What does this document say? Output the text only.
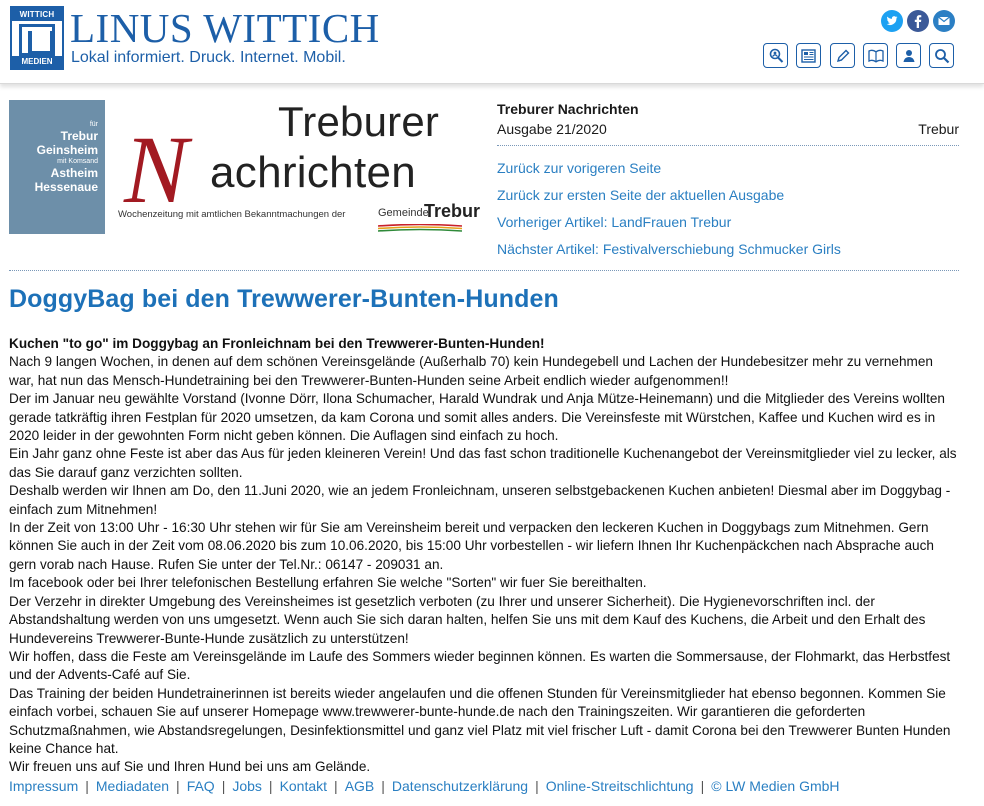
WITTICH
MEDIEN
LINUS WITTICH
Lokal informiert. Druck. Internet. Mobil.
für
Trebur
Geinsheim
mit Komsand
Astheim
Hessenaue
Treburer
N achrichten
Wochenzeitung mit amtlichen Bekanntmachungen der	Gemeinde
Trebur
Treburer Nachrichten
Ausgabe 21/2020	Trebur
Zurück zur vorigeren Seite
Zurück zur ersten Seite der aktuellen Ausgabe
Vorheriger Artikel: LandFrauen Trebur
Nächster Artikel: Festivalverschiebung Schmucker Girls
DoggyBag bei den Trewwerer-Bunten-Hunden

Kuchen "to go" im Doggybag an Fronleichnam bei den Trewwerer-Bunten-Hunden!

Nach 9 langen Wochen, in denen auf dem schönen Vereinsgelände (Außerhalb 70) kein Hundegebell und Lachen der Hundebesitzer mehr zu vernehmen war, hat nun das Mensch-Hundetraining bei den Trewwerer-Bunten-Hunden seine Arbeit endlich wieder aufgenommen!!

Der im Januar neu gewählte Vorstand (Ivonne Dörr, Ilona Schumacher, Harald Wundrak und Anja Mütze-Heinemann) und die Mitglieder des Vereins wollten gerade tatkräftig ihren Festplan für 2020 umsetzen, da kam Corona und somit alles anders. Die Vereinsfeste mit Würstchen, Kaffee und Kuchen wird es in 2020 leider in der gewohnten Form nicht geben können. Die Auflagen sind einfach zu hoch.

Ein Jahr ganz ohne Feste ist aber das Aus für jeden kleineren Verein! Und das fast schon traditionelle Kuchenangebot der Vereinsmitglieder viel zu lecker, als das Sie darauf ganz verzichten sollten.

Deshalb werden wir Ihnen am Do, den 11.Juni 2020, wie an jedem Fronleichnam, unseren selbstgebackenen Kuchen anbieten! Diesmal aber im Doggybag - einfach zum Mitnehmen!

In der Zeit von 13:00 Uhr - 16:30 Uhr stehen wir für Sie am Vereinsheim bereit und verpacken den leckeren Kuchen in Doggybags zum Mitnehmen. Gern können Sie auch in der Zeit vom 08.06.2020 bis zum 10.06.2020, bis 15:00 Uhr vorbestellen - wir liefern Ihnen Ihr Kuchenpäckchen nach Absprache auch gern vorab nach Hause. Rufen Sie unter der Tel.Nr.: 06147 - 209031 an.

Im facebook oder bei Ihrer telefonischen Bestellung erfahren Sie welche "Sorten" wir fuer Sie bereithalten.

Der Verzehr in direkter Umgebung des Vereinsheimes ist gesetzlich verboten (zu Ihrer und unserer Sicherheit). Die Hygienevorschriften incl. der Abstandshaltung werden von uns umgesetzt. Wenn auch Sie sich daran halten, helfen Sie uns mit dem Kauf des Kuchens, die Arbeit und den Erhalt des Hundevereins Trewwerer-Bunte-Hunde zusätzlich zu unterstützen!

Wir hoffen, dass die Feste am Vereinsgelände im Laufe des Sommers wieder beginnen können. Es warten die Sommersause, der Flohmarkt, das Herbstfest und der Advents-Café auf Sie.

Das Training der beiden Hundetrainerinnen ist bereits wieder angelaufen und die offenen Stunden für Vereinsmitglieder hat ebenso begonnen. Kommen Sie einfach vorbei, schauen Sie auf unserer Homepage www.trewwerer-bunte-hunde.de nach den Trainingszeiten. Wir garantieren die geforderten Schutzmaßnahmen, wie Abstandsregelungen, Desinfektionsmittel und ganz viel Platz mit viel frischer Luft - damit Corona bei den Trewwerer Bunten Hunden keine Chance hat.

Wir freuen uns auf Sie und Ihren Hund bei uns am Gelände.

Impressum | Mediadaten | FAQ | Jobs | Kontakt | AGB | Datenschutzerklärung | Online-Streitschlichtung | © LW Medien GmbH
